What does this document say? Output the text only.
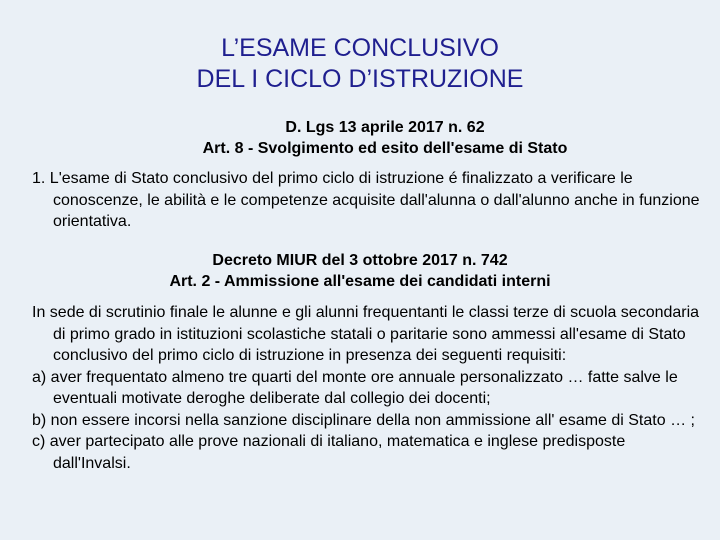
L’ESAME CONCLUSIVO
DEL I CICLO D’ISTRUZIONE
D. Lgs 13 aprile 2017 n. 62
Art. 8 - Svolgimento ed esito dell'esame di Stato
1. L'esame di Stato conclusivo del primo ciclo di istruzione é finalizzato a verificare le conoscenze, le abilità e le competenze acquisite dall'alunna o dall'alunno anche in funzione orientativa.
Decreto MIUR del 3 ottobre 2017 n. 742
Art. 2 - Ammissione all'esame dei candidati interni
In sede di scrutinio finale le alunne e gli alunni frequentanti le classi terze di scuola secondaria di primo grado in istituzioni scolastiche statali o paritarie sono ammessi all'esame di Stato conclusivo del primo ciclo di istruzione in presenza dei seguenti requisiti:
a) aver frequentato almeno tre quarti del monte ore annuale personalizzato … fatte salve le eventuali motivate deroghe deliberate dal collegio dei docenti;
b) non essere incorsi nella sanzione disciplinare della non ammissione all' esame di Stato … ;
c) aver partecipato alle prove nazionali di italiano, matematica e inglese predisposte dall'Invalsi.
